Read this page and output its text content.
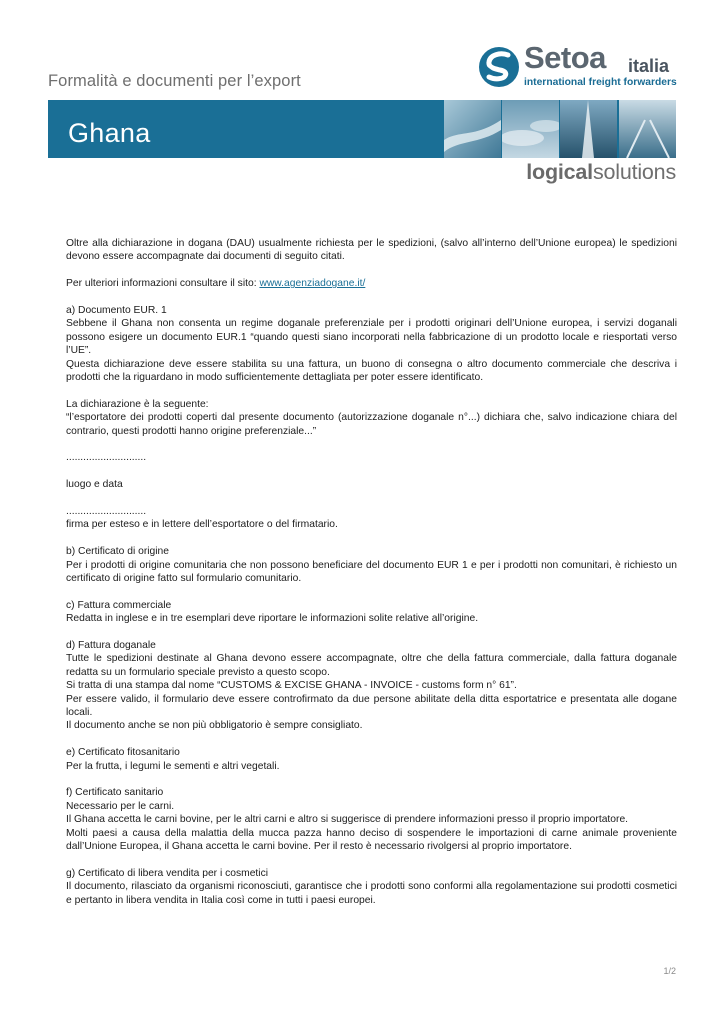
Formalità e documenti per l’export
Setoa italia
international freight forwarders
Ghana
logicalsolutions

Oltre alla dichiarazione in dogana (DAU) usualmente richiesta per le spedizioni, (salvo all’interno dell’Unione europea) le spedizioni devono essere accompagnate dai documenti di seguito citati.

Per ulteriori informazioni consultare il sito: www.agenziadogane.it/

a) Documento EUR. 1
Sebbene il Ghana non consenta un regime doganale preferenziale per i prodotti originari dell’Unione europea, i servizi doganali possono esigere un documento EUR.1 “quando questi siano incorporati nella fabbricazione di un prodotto locale e riesportati verso l’UE”.
Questa dichiarazione deve essere stabilita su una fattura, un buono di consegna o altro documento commerciale che descriva i prodotti che la riguardano in modo sufficientemente dettagliata per poter essere identificato.

La dichiarazione è la seguente:
“l’esportatore dei prodotti coperti dal presente documento (autorizzazione doganale n°...) dichiara che, salvo indicazione chiara del contrario, questi prodotti hanno origine preferenziale...”

............................

luogo e data

............................

firma per esteso e in lettere dell’esportatore o del firmatario.

b) Certificato di origine
Per i prodotti di origine comunitaria che non possono beneficiare del documento EUR 1 e per i prodotti non comunitari, è richiesto un certificato di origine fatto sul formulario comunitario.

c) Fattura commerciale
Redatta in inglese e in tre esemplari deve riportare le informazioni solite relative all’origine.

d) Fattura doganale
Tutte le spedizioni destinate al Ghana devono essere accompagnate, oltre che della fattura commerciale, dalla fattura doganale redatta su un formulario speciale previsto a questo scopo.
Si tratta di una stampa dal nome “CUSTOMS & EXCISE GHANA - INVOICE - customs form n° 61”.
Per essere valido, il formulario deve essere controfirmato da due persone abilitate della ditta esportatrice e presentata alle dogane locali.
Il documento anche se non più obbligatorio è sempre consigliato.

e) Certificato fitosanitario
Per la frutta, i legumi le sementi e altri vegetali.

f) Certificato sanitario
Necessario per le carni.
Il Ghana accetta le carni bovine, per le altri carni e altro si suggerisce di prendere informazioni presso il proprio importatore.
Molti paesi a causa della malattia della mucca pazza hanno deciso di sospendere le importazioni di carne animale proveniente dall’Unione Europea, il Ghana accetta le carni bovine. Per il resto è necessario rivolgersi al proprio importatore.

g) Certificato di libera vendita per i cosmetici
Il documento, rilasciato da organismi riconosciuti, garantisce che i prodotti sono conformi alla regolamentazione sui prodotti cosmetici e pertanto in libera vendita in Italia così come in tutti i paesi europei.

1/2
